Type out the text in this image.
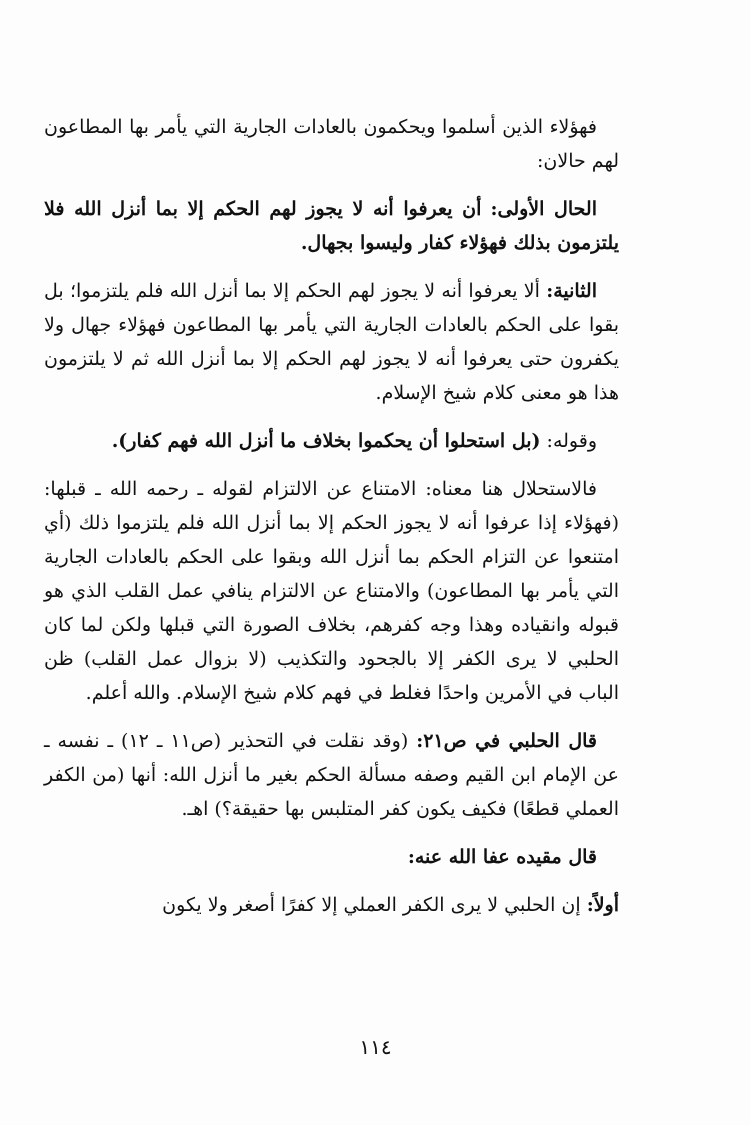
فهؤلاء الذين أسلموا ويحكمون بالعادات الجارية التي يأمر بها المطاعون لهم حالان:

الحال الأولى: أن يعرفوا أنه لا يجوز لهم الحكم إلا بما أنزل الله فلا يلتزمون بذلك فهؤلاء كفار وليسوا بجهال.

الثانية: ألا يعرفوا أنه لا يجوز لهم الحكم إلا بما أنزل الله فلم يلتزموا؛ بل بقوا على الحكم بالعادات الجارية التي يأمر بها المطاعون فهؤلاء جهال ولا يكفرون حتى يعرفوا أنه لا يجوز لهم الحكم إلا بما أنزل الله ثم لا يلتزمون هذا هو معنى كلام شيخ الإسلام.

وقوله: (بل استحلوا أن يحكموا بخلاف ما أنزل الله فهم كفار).

فالاستحلال هنا معناه: الامتناع عن الالتزام لقوله ـ رحمه الله ـ قبلها: (فهؤلاء إذا عرفوا أنه لا يجوز الحكم إلا بما أنزل الله فلم يلتزموا ذلك (أي امتنعوا عن التزام الحكم بما أنزل الله وبقوا على الحكم بالعادات الجارية التي يأمر بها المطاعون) والامتناع عن الالتزام ينافي عمل القلب الذي هو قبوله وانقياده وهذا وجه كفرهم، بخلاف الصورة التي قبلها ولكن لما كان الحلبي لا يرى الكفر إلا بالجحود والتكذيب (لا بزوال عمل القلب) ظن الباب في الأمرين واحدًا فغلط في فهم كلام شيخ الإسلام. والله أعلم.

قال الحلبي في ص٢١: (وقد نقلت في التحذير (ص١١ ـ ١٢) ـ نفسه ـ عن الإمام ابن القيم وصفه مسألة الحكم بغير ما أنزل الله: أنها (من الكفر العملي قطعًا) فكيف يكون كفر المتلبس بها حقيقة؟) اهـ.

قال مقيده عفا الله عنه:

أولاً: إن الحلبي لا يرى الكفر العملي إلا كفرًا أصغر ولا يكون

١١٤
